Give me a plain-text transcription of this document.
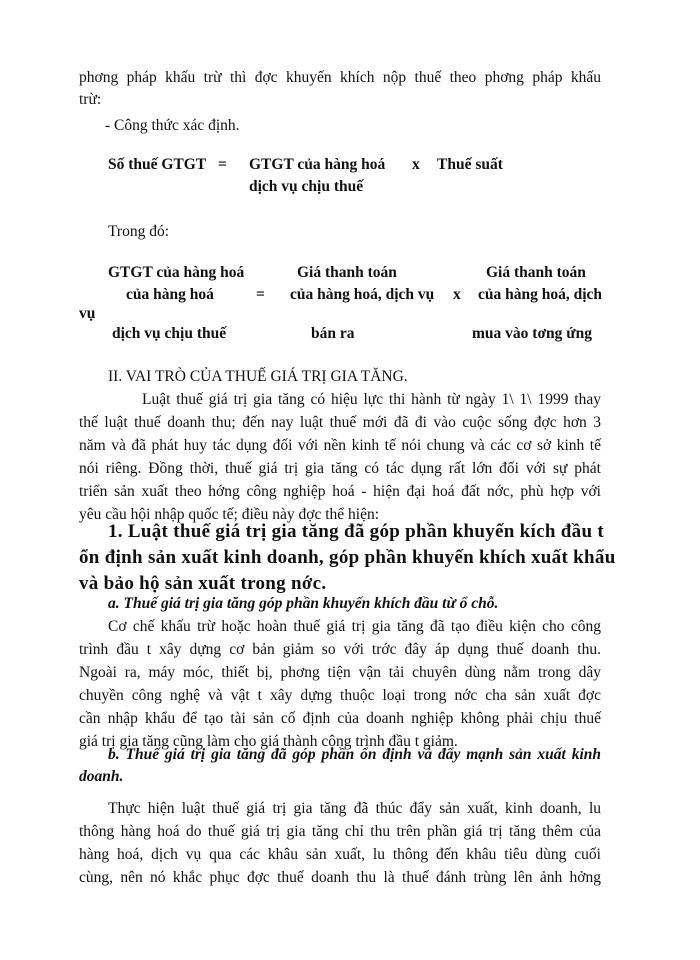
phơng pháp khấu trừ thì đợc khuyến khích nộp thuế theo phơng pháp khấu
trừ:
- Công thức xác định.
Số thuế GTGT = GTGT của hàng hoá
dịch vụ chịu thuế
x Thuế suất
Trong đó:
GTGT của hàng hoá
của hàng hoá
vụ
dịch vụ chịu thuế
=
Giá thanh toán
của hàng hoá, dịch vụ
bán ra
x
Giá thanh toán
của hàng hoá, dịch
mua vào tơng ứng
II. VAI TRÒ CỦA THUẾ GIÁ TRỊ GIA TĂNG.
Luật thuế giá trị gia tăng có hiệu lực thi hành từ ngày 1\ 1\ 1999 thay
thế luật thuế doanh thu; đến nay luật thuế mới đã đi vào cuộc sống đợc hơn 3
năm và đã phát huy tác dụng đối với nền kinh tế nói chung và các cơ sở kinh tế
nói riêng. Đồng thời, thuế giá trị gia tăng có tác dụng rất lớn đối với sự phát
triển sản xuất theo hớng công nghiệp hoá - hiện đại hoá đất nớc, phù hợp với
yêu cầu hội nhập quốc tế; điều này đợc thể hiện:
1. Luật thuế giá trị gia tăng đã góp phần khuyến kích đầu t
ổn định sản xuất kinh doanh, góp phần khuyến khích xuất khẩu
và bảo hộ sản xuất trong nớc.
a. Thuế giá trị gia tăng góp phần khuyến khích đầu từ ổ chỗ.
Cơ chế khấu trừ hoặc hoàn thuế giá trị gia tăng đã tạo điều kiện cho công
trình đầu t xây dựng cơ bản giảm so với trớc đây áp dụng thuế doanh thu.
Ngoài ra, máy móc, thiết bị, phơng tiện vận tải chuyên dùng nằm trong dây
chuyền công nghệ và vật t xây dựng thuộc loại trong nớc cha sản xuất đợc
cần nhập khẩu để tạo tài sản cố định của doanh nghiệp không phải chịu thuế
giá trị gia tăng cũng làm cho giá thành cộng trình đầu t giảm.
b. Thuế giá trị gia tăng đã góp phần ổn định và đẩy mạnh sản xuất kinh
doanh.
Thực hiện luật thuế giá trị gia tăng đã thúc đẩy sản xuất, kinh doanh, lu
thông hàng hoá do thuế giá trị gia tăng chỉ thu trên phần giá trị tăng thêm của
hàng hoá, dịch vụ qua các khâu sản xuất, lu thông đến khâu tiêu dùng cuối
cùng, nên nó khắc phục đợc thuế doanh thu là thuế đánh trùng lên ảnh hởng
